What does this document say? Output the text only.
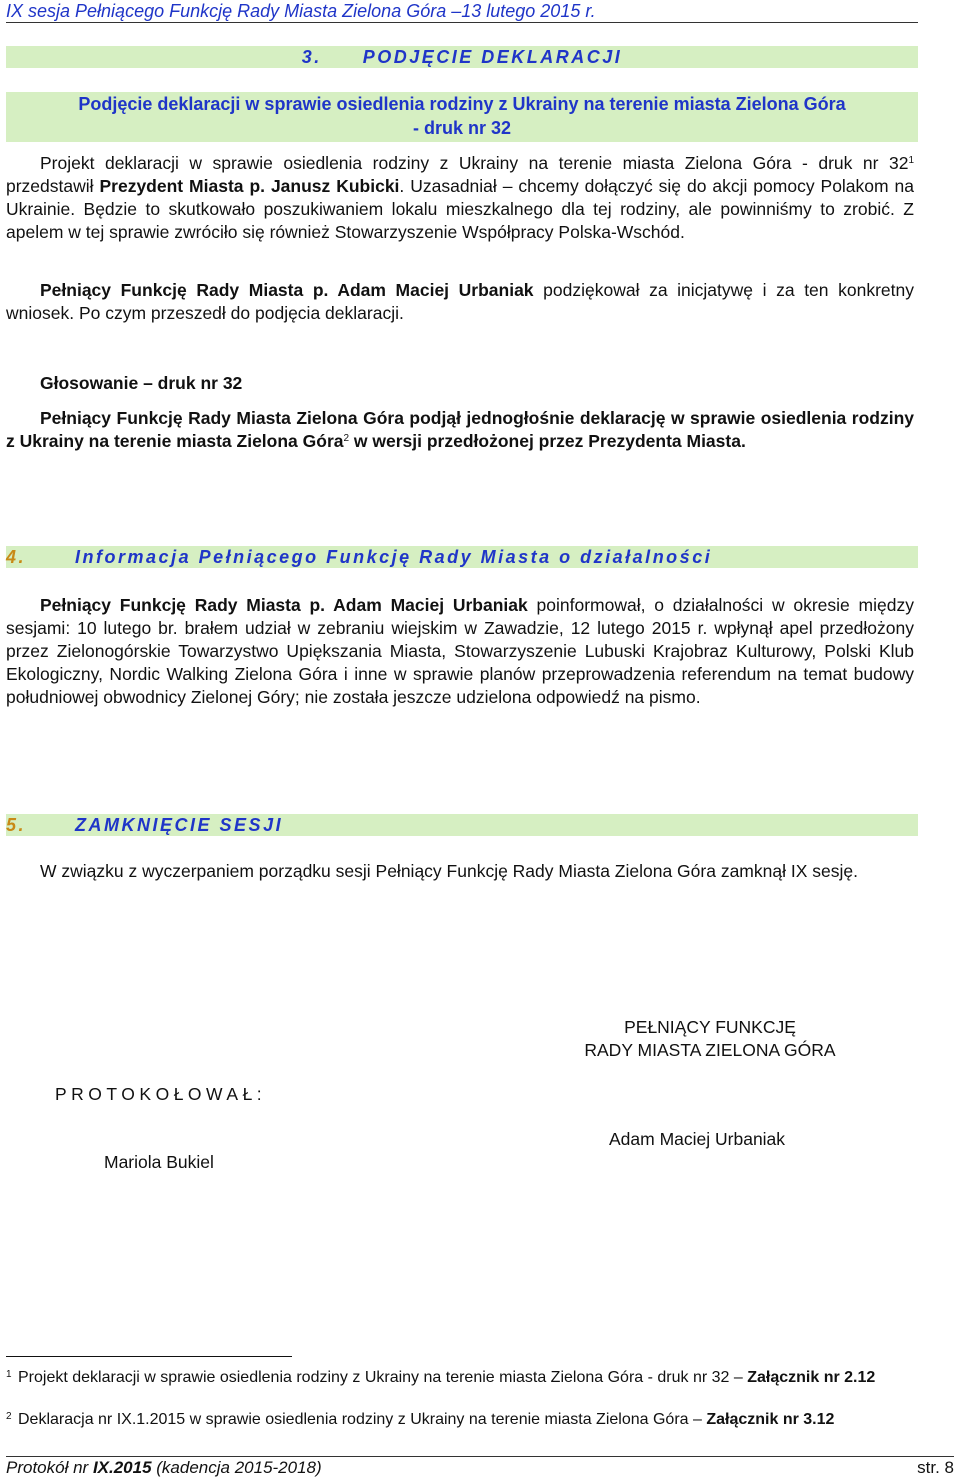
IX sesja Pełniącego Funkcję Rady Miasta Zielona Góra –13 lutego 2015 r.
3. PODJĘCIE DEKLARACJI
Podjęcie deklaracji w sprawie osiedlenia rodziny z Ukrainy na terenie miasta Zielona Góra
- druk nr 32
Projekt deklaracji w sprawie osiedlenia rodziny z Ukrainy na terenie miasta Zielona Góra - druk nr $32^1$ przedstawił Prezydent Miasta p. Janusz Kubicki. Uzasadniał – chcemy dołączyć się do akcji pomocy Polakom na Ukrainie. Będzie to skutkowało poszukiwaniem lokalu mieszkalnego dla tej rodziny, ale powinniśmy to zrobić. Z apelem w tej sprawie zwróciło się również Stowarzyszenie Współpracy Polska-Wschód.
Pełniący Funkcję Rady Miasta p. Adam Maciej Urbaniak podziękował za inicjatywę i za ten konkretny wniosek. Po czym przeszedł do podjęcia deklaracji.
Głosowanie – druk nr 32
Pełniący Funkcję Rady Miasta Zielona Góra podjął jednogłośnie deklarację w sprawie osiedlenia rodziny z Ukrainy na terenie miasta Zielona Góra$^2$ w wersji przedłożonej przez Prezydenta Miasta.
4.	Informacja Pełniącego Funkcję Rady Miasta o działalności
Pełniący Funkcję Rady Miasta p. Adam Maciej Urbaniak poinformował, o działalności w okresie między sesjami: 10 lutego br. brałem udział w zebraniu wiejskim w Zawadzie, 12 lutego 2015 r. wpłynął apel przedłożony przez Zielonogórskie Towarzystwo Upiększania Miasta, Stowarzyszenie Lubuski Krajobraz Kulturowy, Polski Klub Ekologiczny, Nordic Walking Zielona Góra i inne w sprawie planów przeprowadzenia referendum na temat budowy południowej obwodnicy Zielonej Góry; nie została jeszcze udzielona odpowiedź na pismo.
5.	ZAMKNIĘCIE SESJI
W związku z wyczerpaniem porządku sesji Pełniący Funkcję Rady Miasta Zielona Góra zamknął IX sesję.
PEŁNIĄCY FUNKCJĘ
RADY MIASTA ZIELONA GÓRA
PROTOKOŁOWAŁ:
Adam Maciej Urbaniak
Mariola Bukiel
$^1$ Projekt deklaracji w sprawie osiedlenia rodziny z Ukrainy na terenie miasta Zielona Góra - druk nr 32 – Załącznik nr 2.12
$^2$ Deklaracja nr IX.1.2015 w sprawie osiedlenia rodziny z Ukrainy na terenie miasta Zielona Góra – Załącznik nr 3.12
Protokół nr IX.2015 (kadencja 2015-2018)	str. 8
